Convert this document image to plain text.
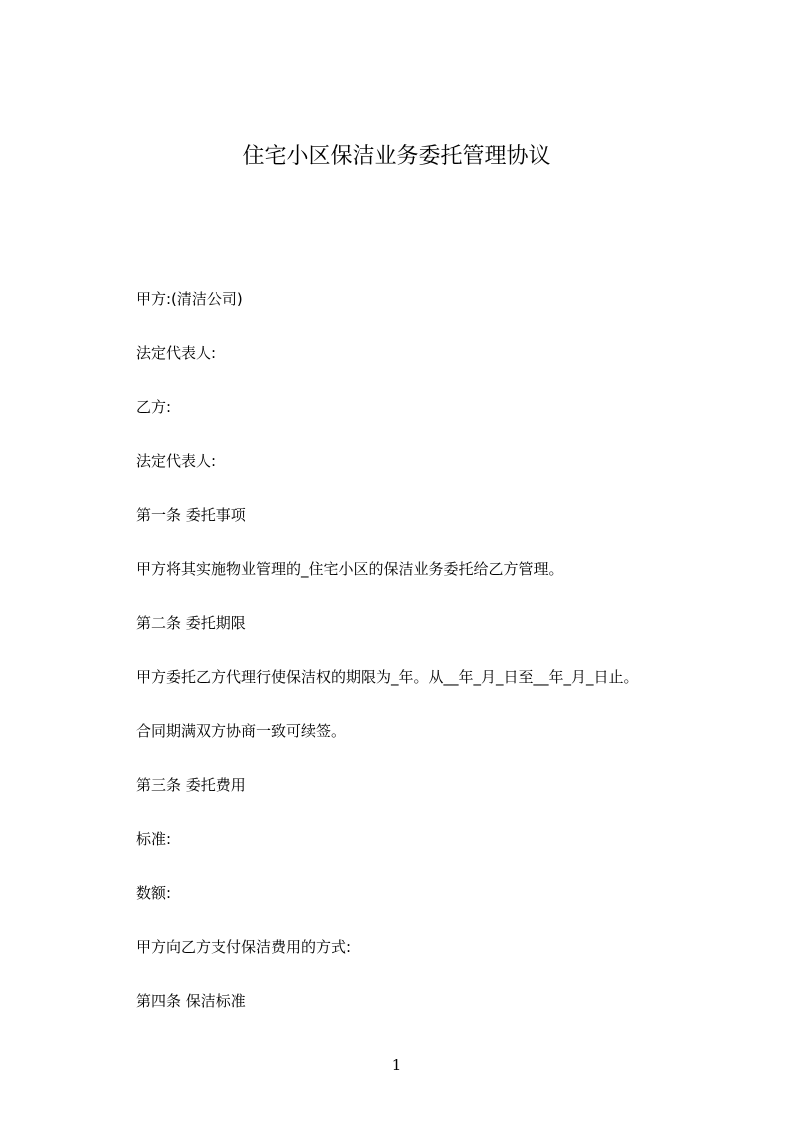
住宅小区保洁业务委托管理协议
甲方:(清洁公司)
法定代表人:
乙方:
法定代表人:
第一条 委托事项
甲方将其实施物业管理的_住宅小区的保洁业务委托给乙方管理。
第二条 委托期限
甲方委托乙方代理行使保洁权的期限为_年。从__年_月_日至__年_月_日止。
合同期满双方协商一致可续签。
第三条 委托费用
标准:
数额:
甲方向乙方支付保洁费用的方式:
第四条 保洁标准
1
